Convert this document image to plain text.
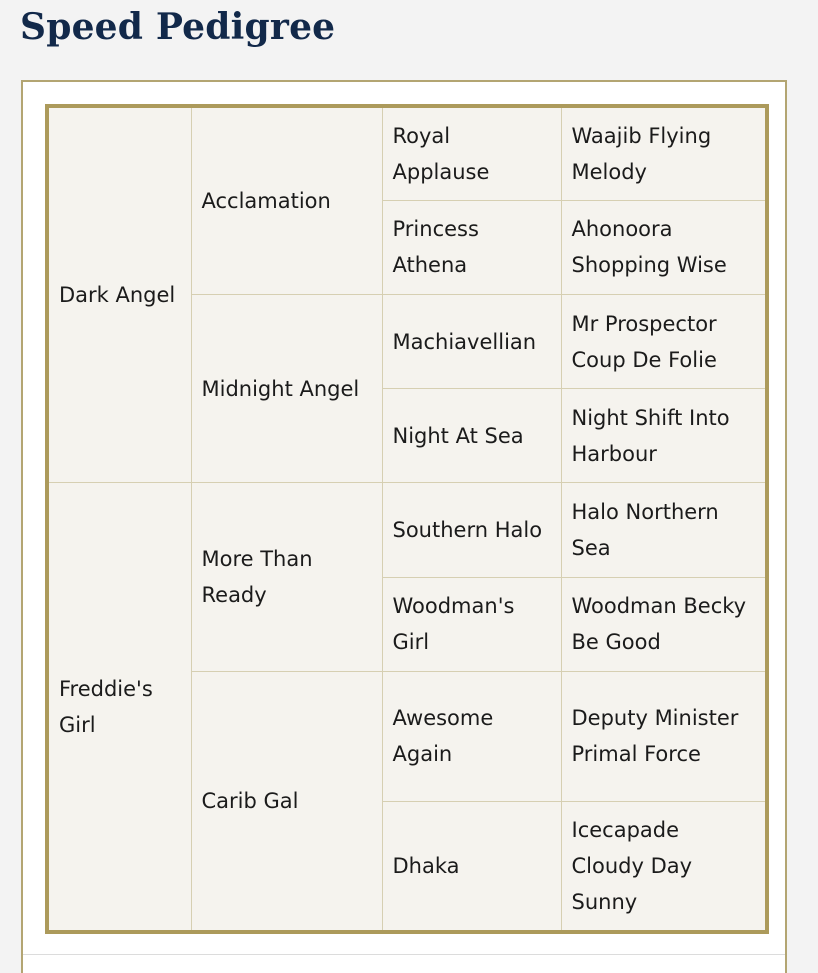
Speed Pedigree
Dark Angel	Acclamation	Royal Applause	Waajib Flying Melody
		Princess Athena	Ahonoora Shopping Wise
	Midnight Angel	Machiavellian	Mr Prospector Coup De Folie
		Night At Sea	Night Shift Into Harbour
Freddie's Girl	More Than Ready	Southern Halo	Halo Northern Sea
		Woodman's Girl	Woodman Becky Be Good
	Carib Gal	Awesome Again	Deputy Minister Primal Force
		Dhaka	Icecapade Cloudy Day Sunny
